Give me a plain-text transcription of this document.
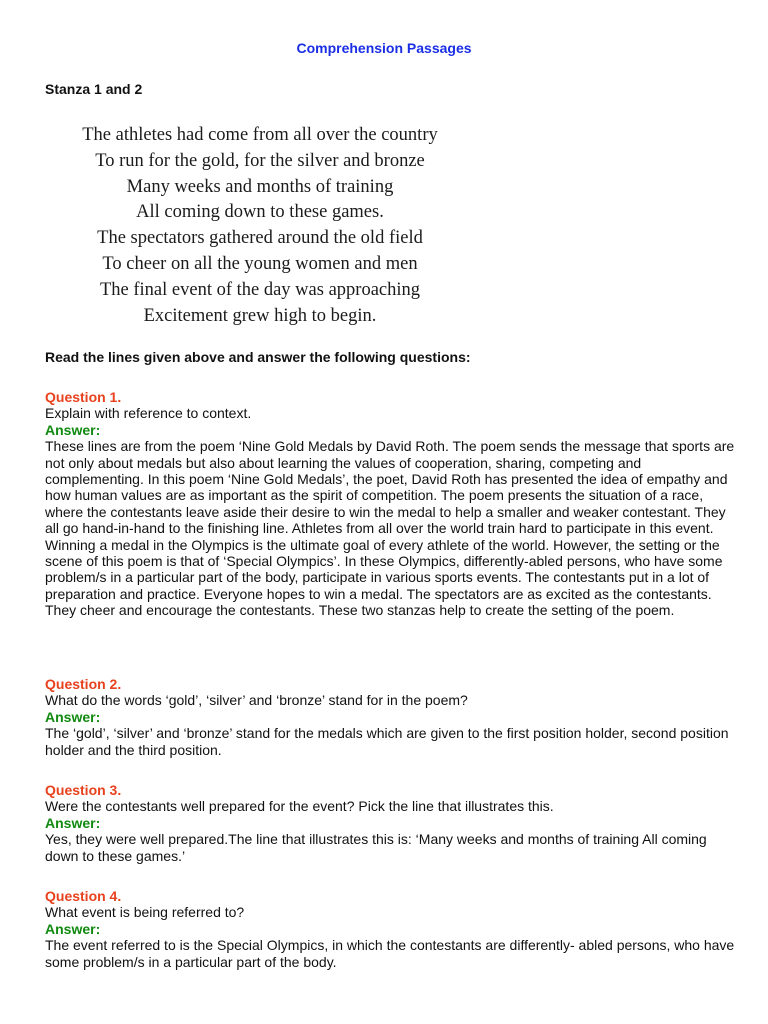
Comprehension Passages
Stanza 1 and 2
The athletes had come from all over the country
To run for the gold, for the silver and bronze
Many weeks and months of training
All coming down to these games.
The spectators gathered around the old field
To cheer on all the young women and men
The final event of the day was approaching
Excitement grew high to begin.
Read the lines given above and answer the following questions:
Question 1.
Explain with reference to context.
Answer:
These lines are from the poem ‘Nine Gold Medals by David Roth. The poem sends the message that sports are not only about medals but also about learning the values of cooperation, sharing, competing and complementing. In this poem ‘Nine Gold Medals’, the poet, David Roth has presented the idea of empathy and how human values are as important as the spirit of competition. The poem presents the situation of a race, where the contestants leave aside their desire to win the medal to help a smaller and weaker contestant. They all go hand-in-hand to the finishing line. Athletes from all over the world train hard to participate in this event. Winning a medal in the Olympics is the ultimate goal of every athlete of the world. However, the setting or the scene of this poem is that of ‘Special Olympics’. In these Olympics, differently-abled persons, who have some problem/s in a particular part of the body, participate in various sports events. The contestants put in a lot of preparation and practice. Everyone hopes to win a medal. The spectators are as excited as the contestants. They cheer and encourage the contestants. These two stanzas help to create the setting of the poem.
Question 2.
What do the words ‘gold’, ‘silver’ and ‘bronze’ stand for in the poem?
Answer:
The ‘gold’, ‘silver’ and ‘bronze’ stand for the medals which are given to the first position holder, second position holder and the third position.
Question 3.
Were the contestants well prepared for the event? Pick the line that illustrates this.
Answer:
Yes, they were well prepared.The line that illustrates this is: ‘Many weeks and months of training All coming down to these games.’
Question 4.
What event is being referred to?
Answer:
The event referred to is the Special Olympics, in which the contestants are differently- abled persons, who have some problem/s in a particular part of the body.
